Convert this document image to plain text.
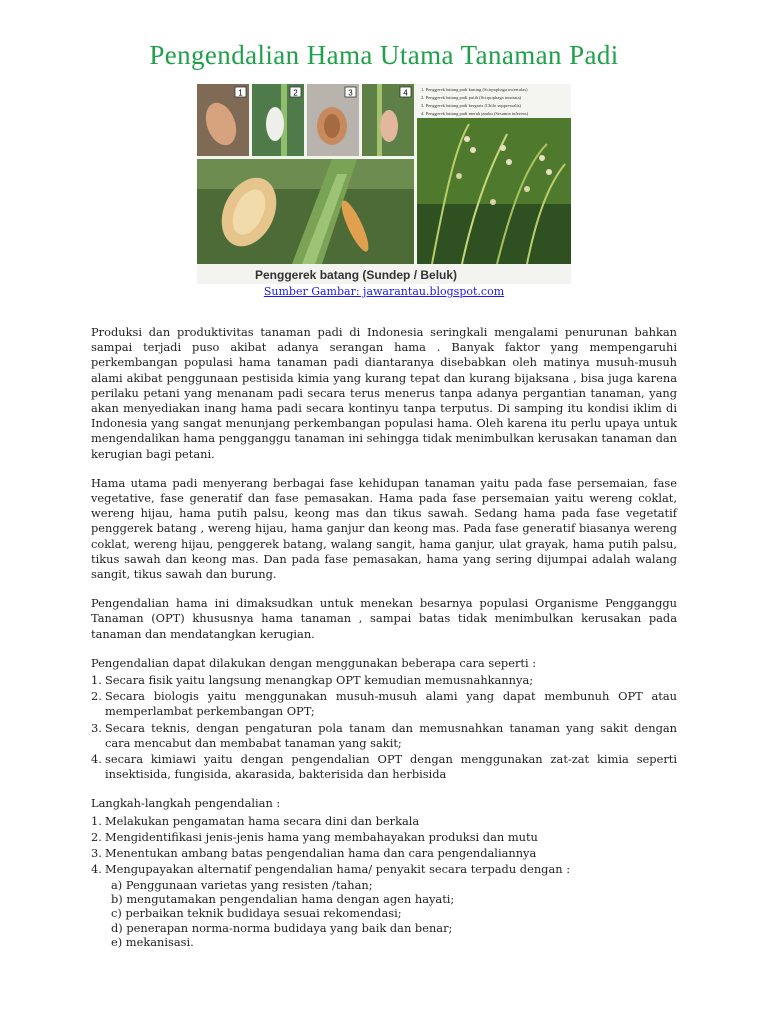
Pengendalian Hama Utama Tanaman Padi
1	2	3	4	1. Penggerek batang padi kuning (Scirpophaga incertulas)
2. Penggerek batang padi putih (Scirpophaga innotata)
3. Penggerek batang padi bergaris (Chilo suppressalis)
4. Penggerek batang padi merah jambu (Sesamia inferens)
Penggerek batang (Sundep / Beluk)
Sumber Gambar: jawarantau.blogspot.com

Produksi dan produktivitas tanaman padi di Indonesia seringkali mengalami penurunan bahkan sampai terjadi puso akibat adanya serangan hama . Banyak faktor yang mempengaruhi perkembangan populasi hama tanaman padi diantaranya disebabkan oleh matinya musuh-musuh alami akibat penggunaan pestisida kimia yang kurang tepat dan kurang bijaksana , bisa juga karena perilaku petani yang menanam padi secara terus menerus tanpa adanya pergantian tanaman, yang akan menyediakan inang hama padi secara kontinyu tanpa terputus. Di samping itu kondisi iklim di Indonesia yang sangat menunjang perkembangan populasi hama. Oleh karena itu perlu upaya untuk mengendalikan hama pengganggu tanaman ini sehingga tidak menimbulkan kerusakan tanaman dan kerugian bagi petani.

Hama utama padi menyerang berbagai fase kehidupan tanaman yaitu pada fase persemaian, fase vegetative, fase generatif dan fase pemasakan. Hama pada fase persemaian yaitu wereng coklat, wereng hijau, hama putih palsu, keong mas dan tikus sawah. Sedang hama pada fase vegetatif penggerek batang , wereng hijau, hama ganjur dan keong mas. Pada fase generatif biasanya wereng coklat, wereng hijau, penggerek batang, walang sangit, hama ganjur, ulat grayak, hama putih palsu, tikus sawah dan keong mas. Dan pada fase pemasakan, hama yang sering dijumpai adalah walang sangit, tikus sawah dan burung.

Pengendalian hama ini dimaksudkan untuk menekan besarnya populasi Organisme Pengganggu Tanaman (OPT) khususnya hama tanaman , sampai batas tidak menimbulkan kerusakan pada tanaman dan mendatangkan kerugian.

Pengendalian dapat dilakukan dengan menggunakan beberapa cara seperti :

1. Secara fisik yaitu langsung menangkap OPT kemudian memusnahkannya;
2. Secara biologis yaitu menggunakan musuh-musuh alami yang dapat membunuh OPT atau memperlambat perkembangan OPT;
3. Secara teknis, dengan pengaturan pola tanam dan memusnahkan tanaman yang sakit dengan cara mencabut dan membabat tanaman yang sakit;
4. secara kimiawi yaitu dengan pengendalian OPT dengan menggunakan zat-zat kimia seperti insektisida, fungisida, akarasida, bakterisida dan herbisida

Langkah-langkah pengendalian :

1. Melakukan pengamatan hama secara dini dan berkala
2. Mengidentifikasi jenis-jenis hama yang membahayakan produksi dan mutu
3. Menentukan ambang batas pengendalian hama dan cara pengendaliannya
4. Mengupayakan alternatif pengendalian hama/ penyakit secara terpadu dengan :
a) Penggunaan varietas yang resisten /tahan;
b) mengutamakan pengendalian hama dengan agen hayati;
c) perbaikan teknik budidaya sesuai rekomendasi;
d) penerapan norma-norma budidaya yang baik dan benar;
e) mekanisasi.
